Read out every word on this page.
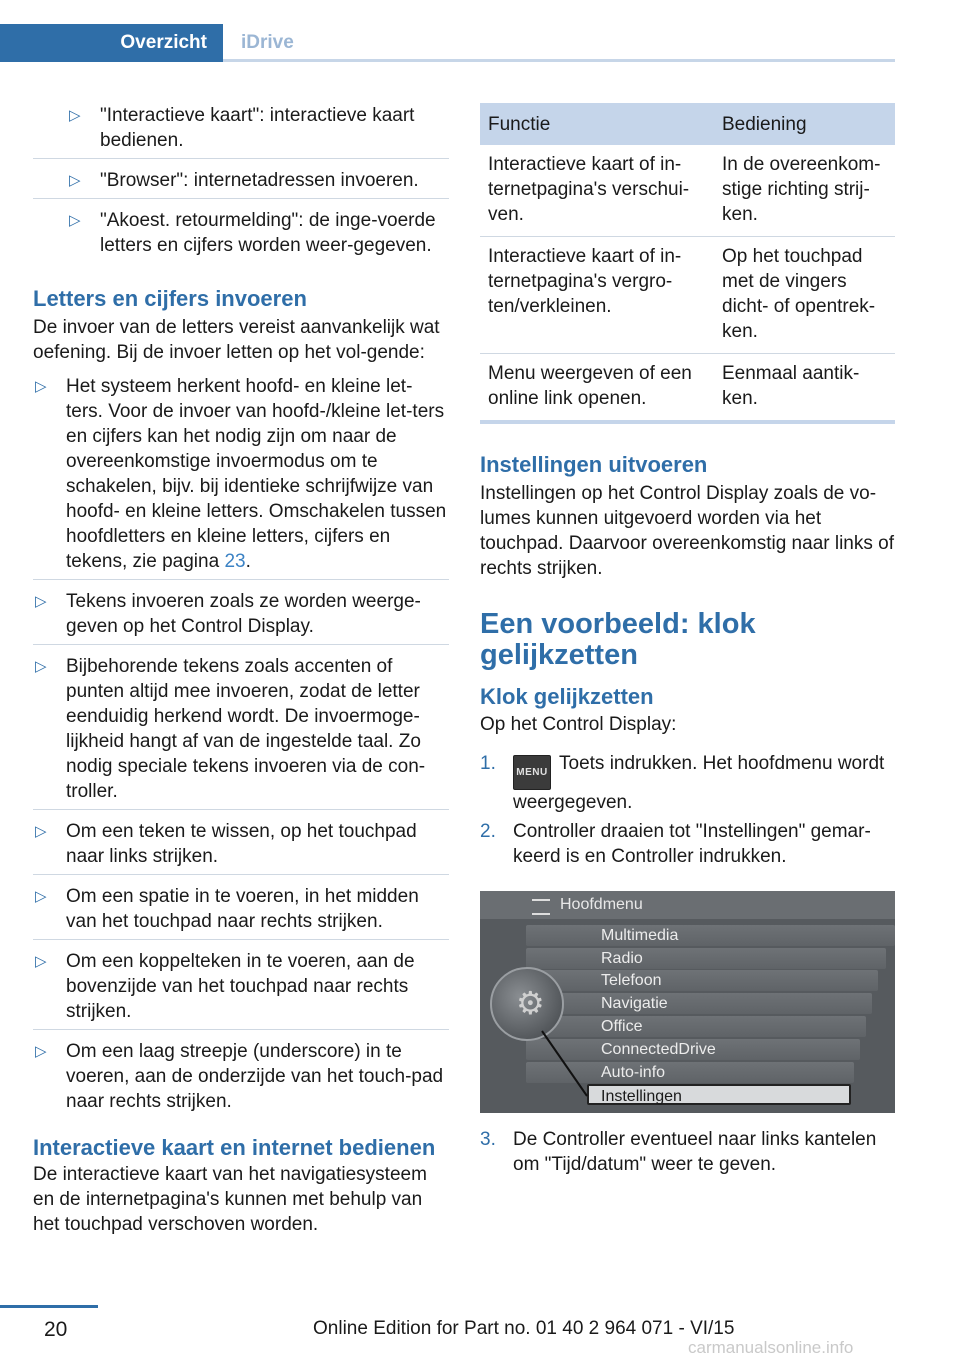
Overzicht	iDrive
▷ "Interactieve kaart": interactieve kaart bedienen.
▷ "Browser": internetadressen invoeren.
▷ "Akoest. retourmelding": de inge-voerde letters en cijfers worden weer-gegeven.
Letters en cijfers invoeren

De invoer van de letters vereist aanvankelijk wat oefening. Bij de invoer letten op het vol-gende:

▷ Het systeem herkent hoofd- en kleine let-ters. Voor de invoer van hoofd-/kleine let-ters en cijfers kan het nodig zijn om naar de overeenkomstige invoermodus om te schakelen, bijv. bij identieke schrijfwijze van hoofd- en kleine letters. Omschakelen tussen hoofdletters en kleine letters, cijfers en tekens, zie pagina 23.
▷ Tekens invoeren zoals ze worden weerge-geven op het Control Display.
▷ Bijbehorende tekens zoals accenten of punten altijd mee invoeren, zodat de letter eenduidig herkend wordt. De invoermoge-lijkheid hangt af van de ingestelde taal. Zo nodig speciale tekens invoeren via de con-troller.
▷ Om een teken te wissen, op het touchpad naar links strijken.
▷ Om een spatie in te voeren, in het midden van het touchpad naar rechts strijken.
▷ Om een koppelteken in te voeren, aan de bovenzijde van het touchpad naar rechts strijken.
▷ Om een laag streepje (underscore) in te voeren, aan de onderzijde van het touch-pad naar rechts strijken.
Interactieve kaart en internet bedienen

De interactieve kaart van het navigatiesysteem en de internetpagina's kunnen met behulp van het touchpad verschoven worden.

Functie	Bediening
Interactieve kaart of in-ternetpagina's verschui-ven.	In de overeenkom-stige richting strij-ken.
Interactieve kaart of in-ternetpagina's vergro-ten/verkleinen.	Op het touchpad met de vingers dicht- of opentrek-ken.
Menu weergeven of een online link openen.	Eenmaal aantik-ken.
Instellingen uitvoeren

Instellingen op het Control Display zoals de vo-lumes kunnen uitgevoerd worden via het touchpad. Daarvoor overeenkomstig naar links of rechts strijken.

Een voorbeeld: klok gelijkzetten
Klok gelijkzetten

Op het Control Display:

1. MENU Toets indrukken. Het hoofdmenu wordt weergegeven.
2. Controller draaien tot "Instellingen" gemar-keerd is en Controller indrukken.
Hoofdmenu
Multimedia
Radio
Telefoon
Navigatie
Office
ConnectedDrive
Auto-info
Instellingen
⚙
3. De Controller eventueel naar links kantelen om "Tijd/datum" weer te geven.
20	Online Edition for Part no. 01 40 2 964 071 - VI/15
carmanualsonline.info
